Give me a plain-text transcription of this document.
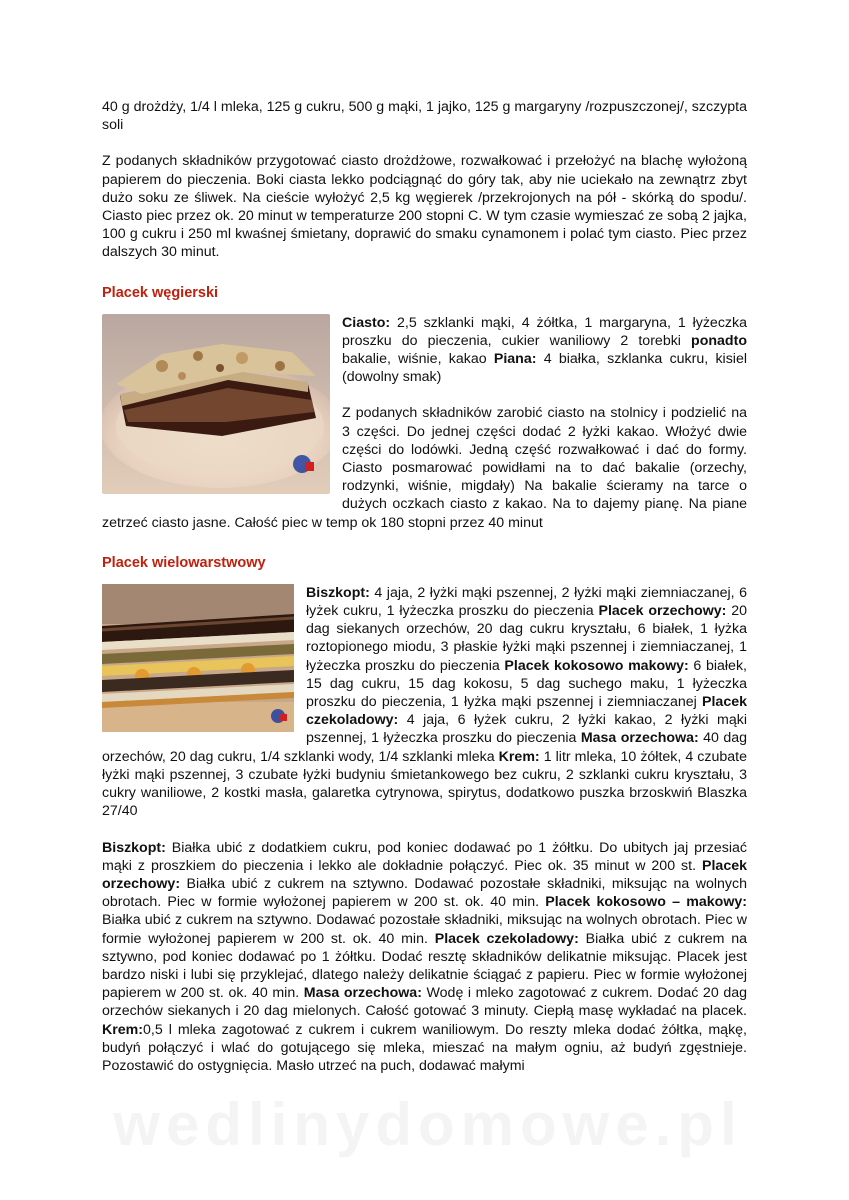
40 g drożdży, 1/4 l mleka, 125 g cukru, 500 g mąki, 1 jajko, 125 g margaryny /rozpuszczonej/, szczypta soli

Z podanych składników przygotować ciasto drożdżowe, rozwałkować i przełożyć na blachę wyłożoną papierem do pieczenia. Boki ciasta lekko podciągnąć do góry tak, aby nie uciekało na zewnątrz zbyt dużo soku ze śliwek. Na cieście wyłożyć 2,5 kg węgierek /przekrojonych na pół - skórką do spodu/. Ciasto piec przez ok. 20 minut w temperaturze 200 stopni C. W tym czasie wymieszać ze sobą 2 jajka, 100 g cukru i 250 ml kwaśnej śmietany, doprawić do smaku cynamonem i polać tym ciasto. Piec przez dalszych 30 minut.

Placek węgierski

Ciasto: 2,5 szklanki mąki, 4 żółtka, 1 margaryna, 1 łyżeczka proszku do pieczenia, cukier waniliowy 2 torebki ponadto bakalie, wiśnie, kakao Piana: 4 białka, szklanka cukru, kisiel (dowolny smak)

Z podanych składników zarobić ciasto na stolnicy i podzielić na 3 części. Do jednej części dodać 2 łyżki kakao. Włożyć dwie części do lodówki. Jedną część rozwałkować i dać do formy. Ciasto posmarować powidłami na to dać bakalie (orzechy, rodzynki, wiśnie, migdały) Na bakalie ścieramy na tarce o dużych oczkach ciasto z kakao. Na to dajemy pianę. Na piane zetrzeć ciasto jasne. Całość piec w temp ok 180 stopni przez 40 minut

Placek wielowarstwowy

Biszkopt: 4 jaja, 2 łyżki mąki pszennej, 2 łyżki mąki ziemniaczanej, 6 łyżek cukru, 1 łyżeczka proszku do pieczenia Placek orzechowy: 20 dag siekanych orzechów, 20 dag cukru kryształu, 6 białek, 1 łyżka roztopionego miodu, 3 płaskie łyżki mąki pszennej i ziemniaczanej, 1 łyżeczka proszku do pieczenia Placek kokosowo makowy: 6 białek, 15 dag cukru, 15 dag kokosu, 5 dag suchego maku, 1 łyżeczka proszku do pieczenia, 1 łyżka mąki pszennej i ziemniaczanej Placek czekoladowy: 4 jaja, 6 łyżek cukru, 2 łyżki kakao, 2 łyżki mąki pszennej, 1 łyżeczka proszku do pieczenia Masa orzechowa: 40 dag orzechów, 20 dag cukru, 1/4 szklanki wody, 1/4 szklanki mleka Krem: 1 litr mleka, 10 żółtek, 4 czubate łyżki mąki pszennej, 3 czubate łyżki budyniu śmietankowego bez cukru, 2 szklanki cukru kryształu, 3 cukry waniliowe, 2 kostki masła, galaretka cytrynowa, spirytus, dodatkowo puszka brzoskwiń Blaszka 27/40

Biszkopt: Białka ubić z dodatkiem cukru, pod koniec dodawać po 1 żółtku. Do ubitych jaj przesiać mąki z proszkiem do pieczenia i lekko ale dokładnie połączyć. Piec ok. 35 minut w 200 st. Placek orzechowy: Białka ubić z cukrem na sztywno. Dodawać pozostałe składniki, miksując na wolnych obrotach. Piec w formie wyłożonej papierem w 200 st. ok. 40 min. Placek kokosowo – makowy: Białka ubić z cukrem na sztywno. Dodawać pozostałe składniki, miksując na wolnych obrotach. Piec w formie wyłożonej papierem w 200 st. ok. 40 min. Placek czekoladowy: Białka ubić z cukrem na sztywno, pod koniec dodawać po 1 żółtku. Dodać resztę składników delikatnie miksując. Placek jest bardzo niski i lubi się przyklejać, dlatego należy delikatnie ściągać z papieru. Piec w formie wyłożonej papierem w 200 st. ok. 40 min. Masa orzechowa: Wodę i mleko zagotować z cukrem. Dodać 20 dag orzechów siekanych i 20 dag mielonych. Całość gotować 3 minuty. Ciepłą masę wykładać na placek. Krem:0,5 l mleka zagotować z cukrem i cukrem waniliowym. Do reszty mleka dodać żółtka, mąkę, budyń połączyć i wlać do gotującego się mleka, mieszać na małym ogniu, aż budyń zgęstnieje. Pozostawić do ostygnięcia. Masło utrzeć na puch, dodawać małymi
